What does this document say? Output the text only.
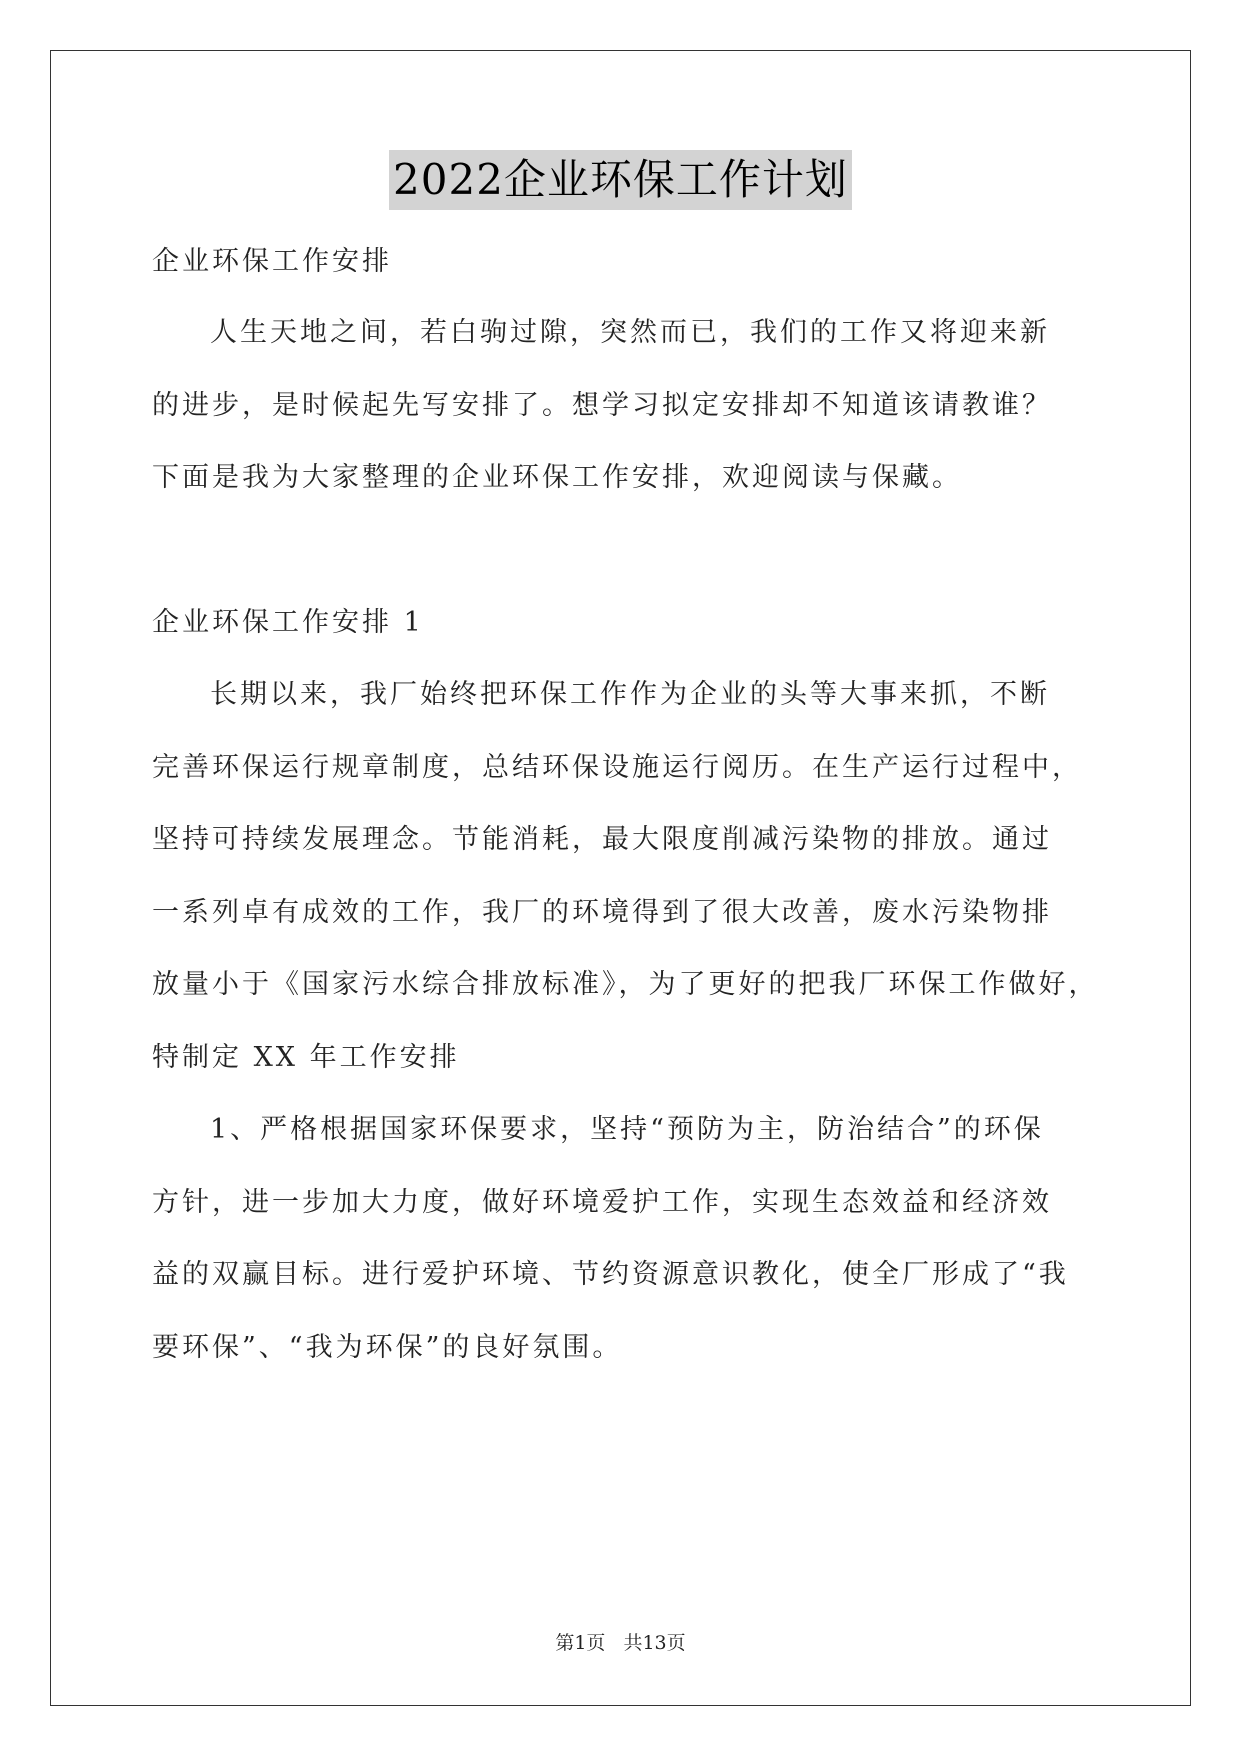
2022企业环保工作计划
企业环保工作安排
人生天地之间，若白驹过隙，突然而已，我们的工作又将迎来新
的进步，是时候起先写安排了。想学习拟定安排却不知道该请教谁？
下面是我为大家整理的企业环保工作安排，欢迎阅读与保藏。
企业环保工作安排 1
长期以来，我厂始终把环保工作作为企业的头等大事来抓，不断
完善环保运行规章制度，总结环保设施运行阅历。在生产运行过程中，
坚持可持续发展理念。节能消耗，最大限度削减污染物的排放。通过
一系列卓有成效的工作，我厂的环境得到了很大改善，废水污染物排
放量小于《国家污水综合排放标准》，为了更好的把我厂环保工作做好，
特制定 XX 年工作安排
1、严格根据国家环保要求，坚持“预防为主，防治结合”的环保
方针，进一步加大力度，做好环境爱护工作，实现生态效益和经济效
益的双赢目标。进行爱护环境、节约资源意识教化，使全厂形成了“我
要环保”、“我为环保”的良好氛围。
第1页 共13页
